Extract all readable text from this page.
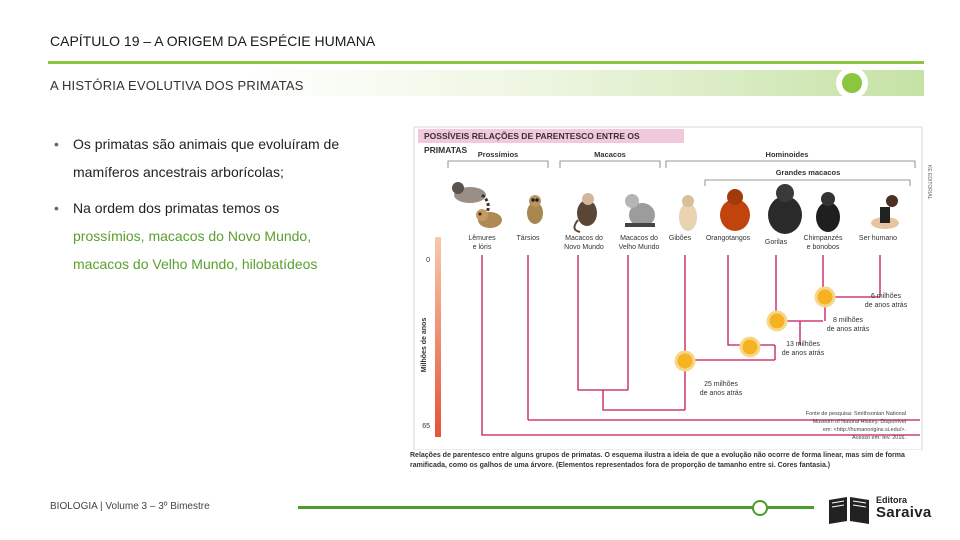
CAPÍTULO 19 – A ORIGEM DA ESPÉCIE HUMANA
A HISTÓRIA EVOLUTIVA DOS PRIMATAS
• Os primatas são animais que evoluíram de mamíferos ancestrais arborícolas;
• Na ordem dos primatas temos os prossímios, macacos do Novo Mundo, macacos do Velho Mundo, hilobatídeos
POSSÍVEIS RELAÇÕES DE PARENTESCO ENTRE OS PRIMATAS
KE EDITORIAL
Prossímios	Macacos	Hominoides
Grandes macacos
Lêmures
e lóris
Társios	Macacos do
Novo Mundo
Macacos do
Velho Mundo
Gibões Orangotangos
Gorilas
Chimpanzés
e bonobos
Ser humano
0
65
Milhões de anos
6 milhões
de anos atrás
8 milhões
de anos atrás
13 milhões
de anos atrás
25 milhões
de anos atrás
Fonte de pesquisa: Smithsonian National
Museum of Natural History. Disponível
em: <http://humanorigins.si.edu/>.
Acesso em: fev. 2016.
Relações de parentesco entre alguns grupos de primatas. O esquema ilustra a ideia de que a evolução não ocorre de forma linear, mas sim de forma ramificada, como os galhos de uma árvore. (Elementos representados fora de proporção de tamanho entre si. Cores fantasia.)
BIOLOGIA | Volume 3 – 3º Bimestre
Editora
Saraiva
